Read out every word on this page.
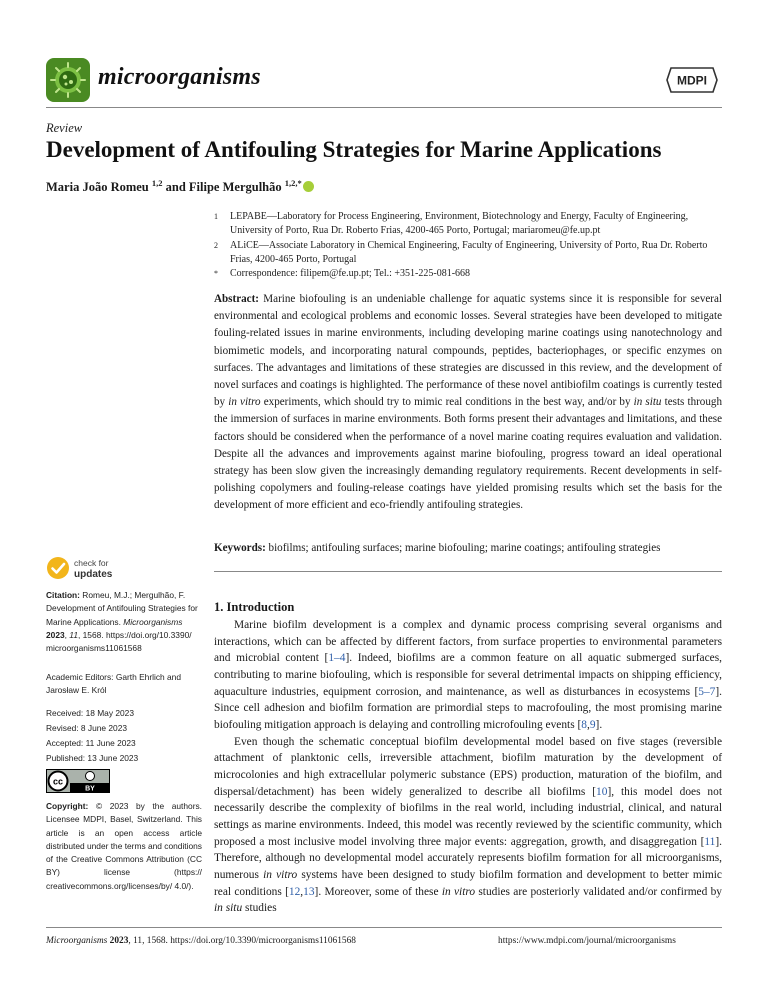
microorganisms	MDPI
Review
Development of Antifouling Strategies for Marine Applications
Maria João Romeu $^{1,2}$ and Filipe Mergulhão $^{1,2,*}$
1 LEPABE—Laboratory for Process Engineering, Environment, Biotechnology and Energy, Faculty of Engineering, University of Porto, Rua Dr. Roberto Frias, 4200-465 Porto, Portugal; mariaromeu@fe.up.pt
2 ALiCE—Associate Laboratory in Chemical Engineering, Faculty of Engineering, University of Porto, Rua Dr. Roberto Frias, 4200-465 Porto, Portugal
* Correspondence: filipem@fe.up.pt; Tel.: +351-225-081-668
Abstract: Marine biofouling is an undeniable challenge for aquatic systems since it is responsible for several environmental and ecological problems and economic losses. Several strategies have been developed to mitigate fouling-related issues in marine environments, including developing marine coatings using nanotechnology and biomimetic models, and incorporating natural compounds, peptides, bacteriophages, or specific enzymes on surfaces. The advantages and limitations of these strategies are discussed in this review, and the development of novel surfaces and coatings is highlighted. The performance of these novel antibiofilm coatings is currently tested by in vitro experiments, which should try to mimic real conditions in the best way, and/or by in situ tests through the immersion of surfaces in marine environments. Both forms present their advantages and limitations, and these factors should be considered when the performance of a novel marine coating requires evaluation and validation. Despite all the advances and improvements against marine biofouling, progress toward an ideal operational strategy has been slow given the increasingly demanding regulatory requirements. Recent developments in self-polishing copolymers and fouling-release coatings have yielded promising results which set the basis for the development of more efficient and eco-friendly antifouling strategies.
Keywords: biofilms; antifouling surfaces; marine biofouling; marine coatings; antifouling strategies
check for
updates
Citation: Romeu, M.J.; Mergulhão, F. Development of Antifouling Strategies for Marine Applications. Microorganisms 2023, 11, 1568. https://doi.org/10.3390/ microorganisms11061568
Academic Editors: Garth Ehrlich and Jarosław E. Król
Received: 18 May 2023
Revised: 8 June 2023
Accepted: 11 June 2023
Published: 13 June 2023
cc
BY
Copyright: © 2023 by the authors. Licensee MDPI, Basel, Switzerland. This article is an open access article distributed under the terms and conditions of the Creative Commons Attribution (CC BY) license (https:// creativecommons.org/licenses/by/ 4.0/).
1. Introduction

Marine biofilm development is a complex and dynamic process comprising several organisms and interactions, which can be affected by different factors, from surface properties to environmental parameters and microbial content [1–4]. Indeed, biofilms are a common feature on all aquatic submerged surfaces, contributing to marine biofouling, which is responsible for several detrimental impacts on shipping efficiency, aquaculture industries, equipment corrosion, and maintenance, as well as disturbances in ecosystems [5–7]. Since cell adhesion and biofilm formation are primordial steps to macrofouling, the most promising marine biofouling mitigation approach is delaying and controlling microfouling events [8,9].

Even though the schematic conceptual biofilm developmental model based on five stages (reversible attachment of planktonic cells, irreversible attachment, biofilm maturation by the development of microcolonies and high extracellular polymeric substance (EPS) production, maturation of the biofilm, and dispersal/detachment) has been widely generalized to describe all biofilms [10], this model does not necessarily describe the complexity of biofilms in the real world, including industrial, clinical, and natural settings as marine environments. Indeed, this model was recently reviewed by the scientific community, which proposed a most inclusive model involving three major events: aggregation, growth, and disaggregation [11]. Therefore, although no developmental model accurately represents biofilm formation for all microorganisms, numerous in vitro systems have been designed to study biofilm formation and development to better mimic real conditions [12,13]. Moreover, some of these in vitro studies are posteriorly validated and/or confirmed by in situ studies

Microorganisms 2023, 11, 1568. https://doi.org/10.3390/microorganisms11061568	https://www.mdpi.com/journal/microorganisms
